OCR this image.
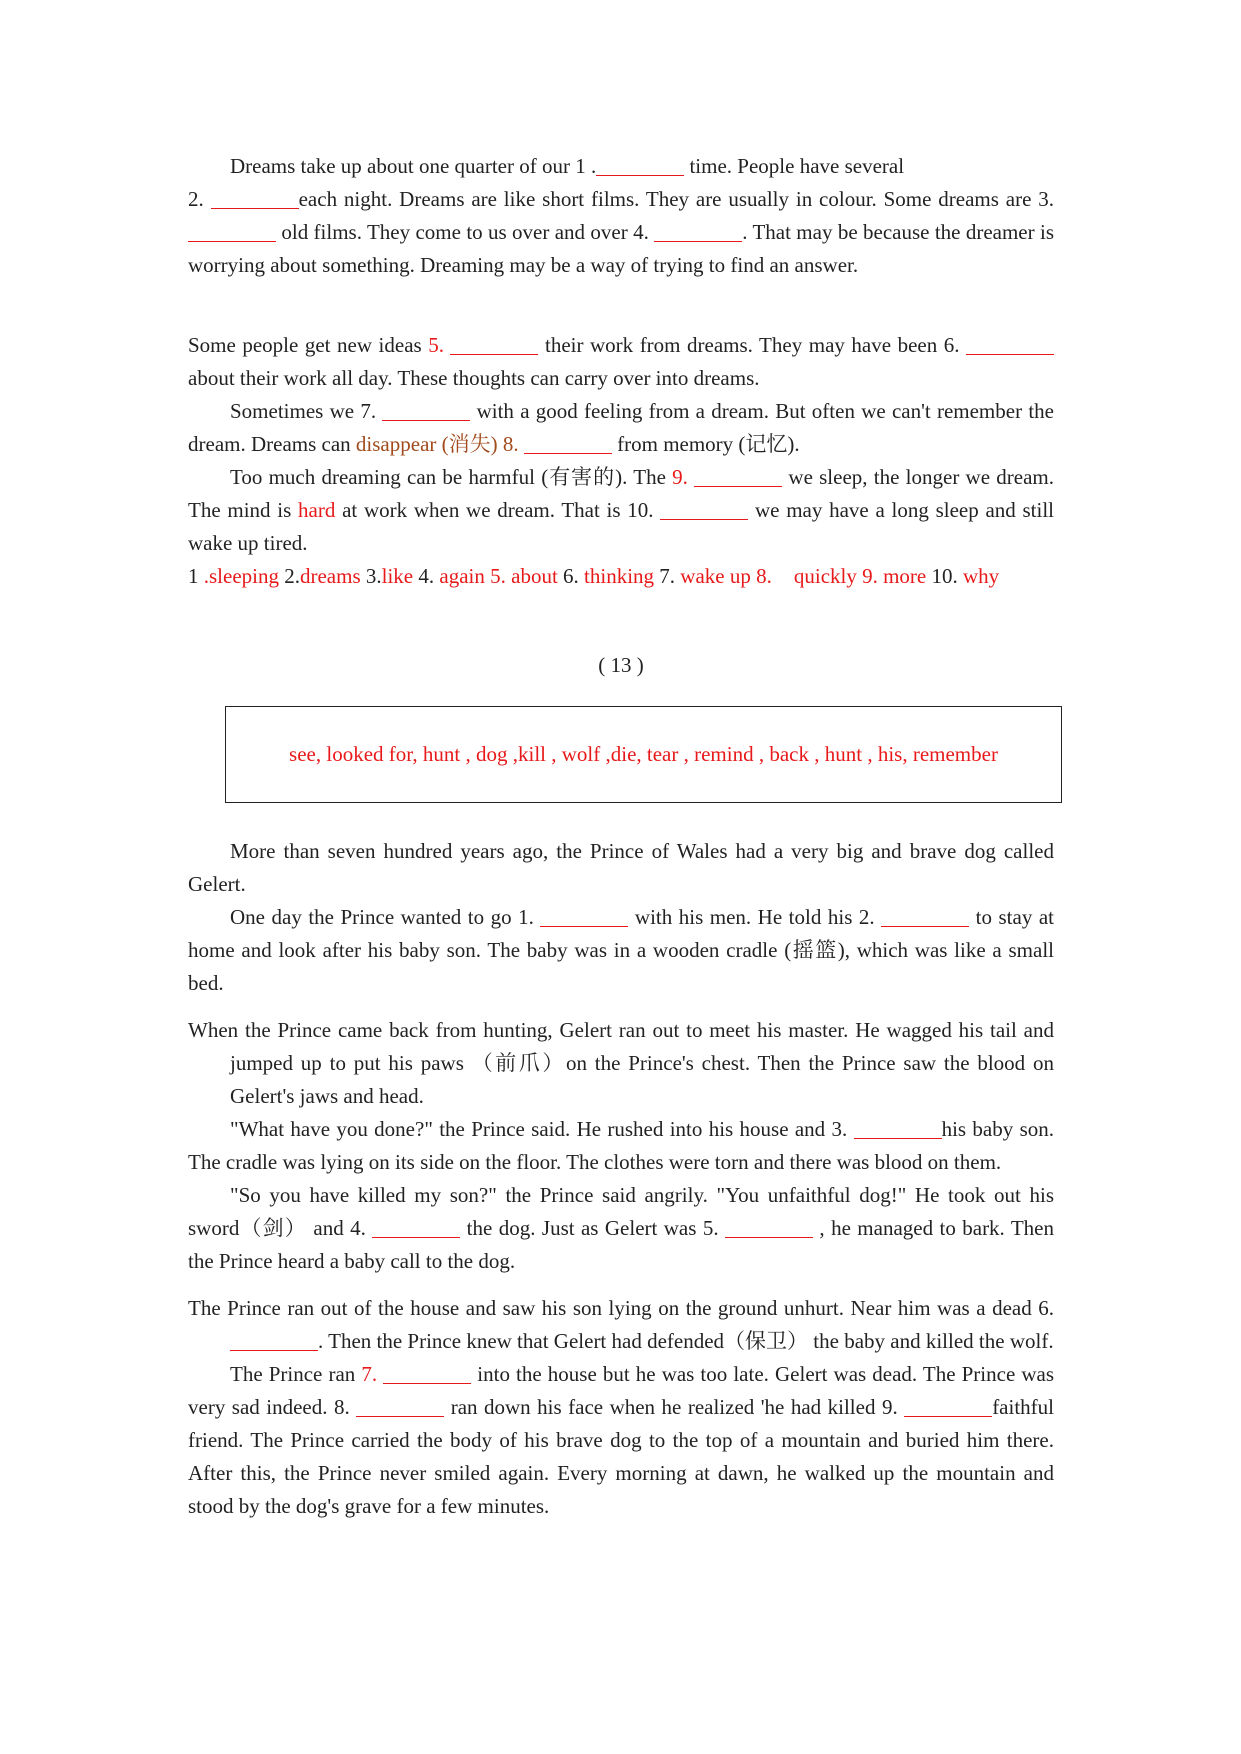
Dreams take up about one quarter of our 1 .	time. People have several
2.	each night. Dreams are like short films. They are usually in colour. Some dreams are 3.  old films. They come to us over and over 4.	. That may be because the dreamer is worrying about something. Dreaming may be a way of trying to find an answer.

Some people get new ideas 5.	their work from dreams. They may have been 6.  about their work all day. These thoughts can carry over into dreams.

Sometimes we 7.	with a good feeling from a dream. But often we can't remember the dream. Dreams can disappear (消失) 8.	from memory (记忆).

Too much dreaming can be harmful (有害的). The 9.	we sleep, the longer we dream. The mind is hard at work when we dream. That is 10.	we may have a long sleep and still wake up tired.

1 .sleeping 2.dreams 3.like 4. again 5. about 6. thinking 7. wake up 8. quickly 9. more 10. why

( 13 )

see, looked for, hunt , dog ,kill , wolf ,die, tear , remind , back , hunt , his, remember

More than seven hundred years ago, the Prince of Wales had a very big and brave dog called Gelert.

One day the Prince wanted to go 1.	with his men. He told his 2.	to stay at home and look after his baby son. The baby was in a wooden cradle (摇篮), which was like a small bed.

When the Prince came back from hunting, Gelert ran out to meet his master. He wagged his tail and jumped up to put his paws （前爪）on the Prince's chest. Then the Prince saw the blood on Gelert's jaws and head.

"What have you done?" the Prince said. He rushed into his house and 3.	his baby son. The cradle was lying on its side on the floor. The clothes were torn and there was blood on them.

"So you have killed my son?" the Prince said angrily. "You unfaithful dog!" He took out his sword（剑） and 4.	the dog. Just as Gelert was 5.	, he managed to bark. Then the Prince heard a baby call to the dog.

The Prince ran out of the house and saw his son lying on the ground unhurt. Near him was a dead 6. . Then the Prince knew that Gelert had defended（保卫） the baby and killed the wolf.

The Prince ran 7.	into the house but he was too late. Gelert was dead. The Prince was very sad indeed. 8.	ran down his face when he realized 'he had killed 9.	faithful friend. The Prince carried the body of his brave dog to the top of a mountain and buried him there. After this, the Prince never smiled again. Every morning at dawn, he walked up the mountain and stood by the dog's grave for a few minutes.
